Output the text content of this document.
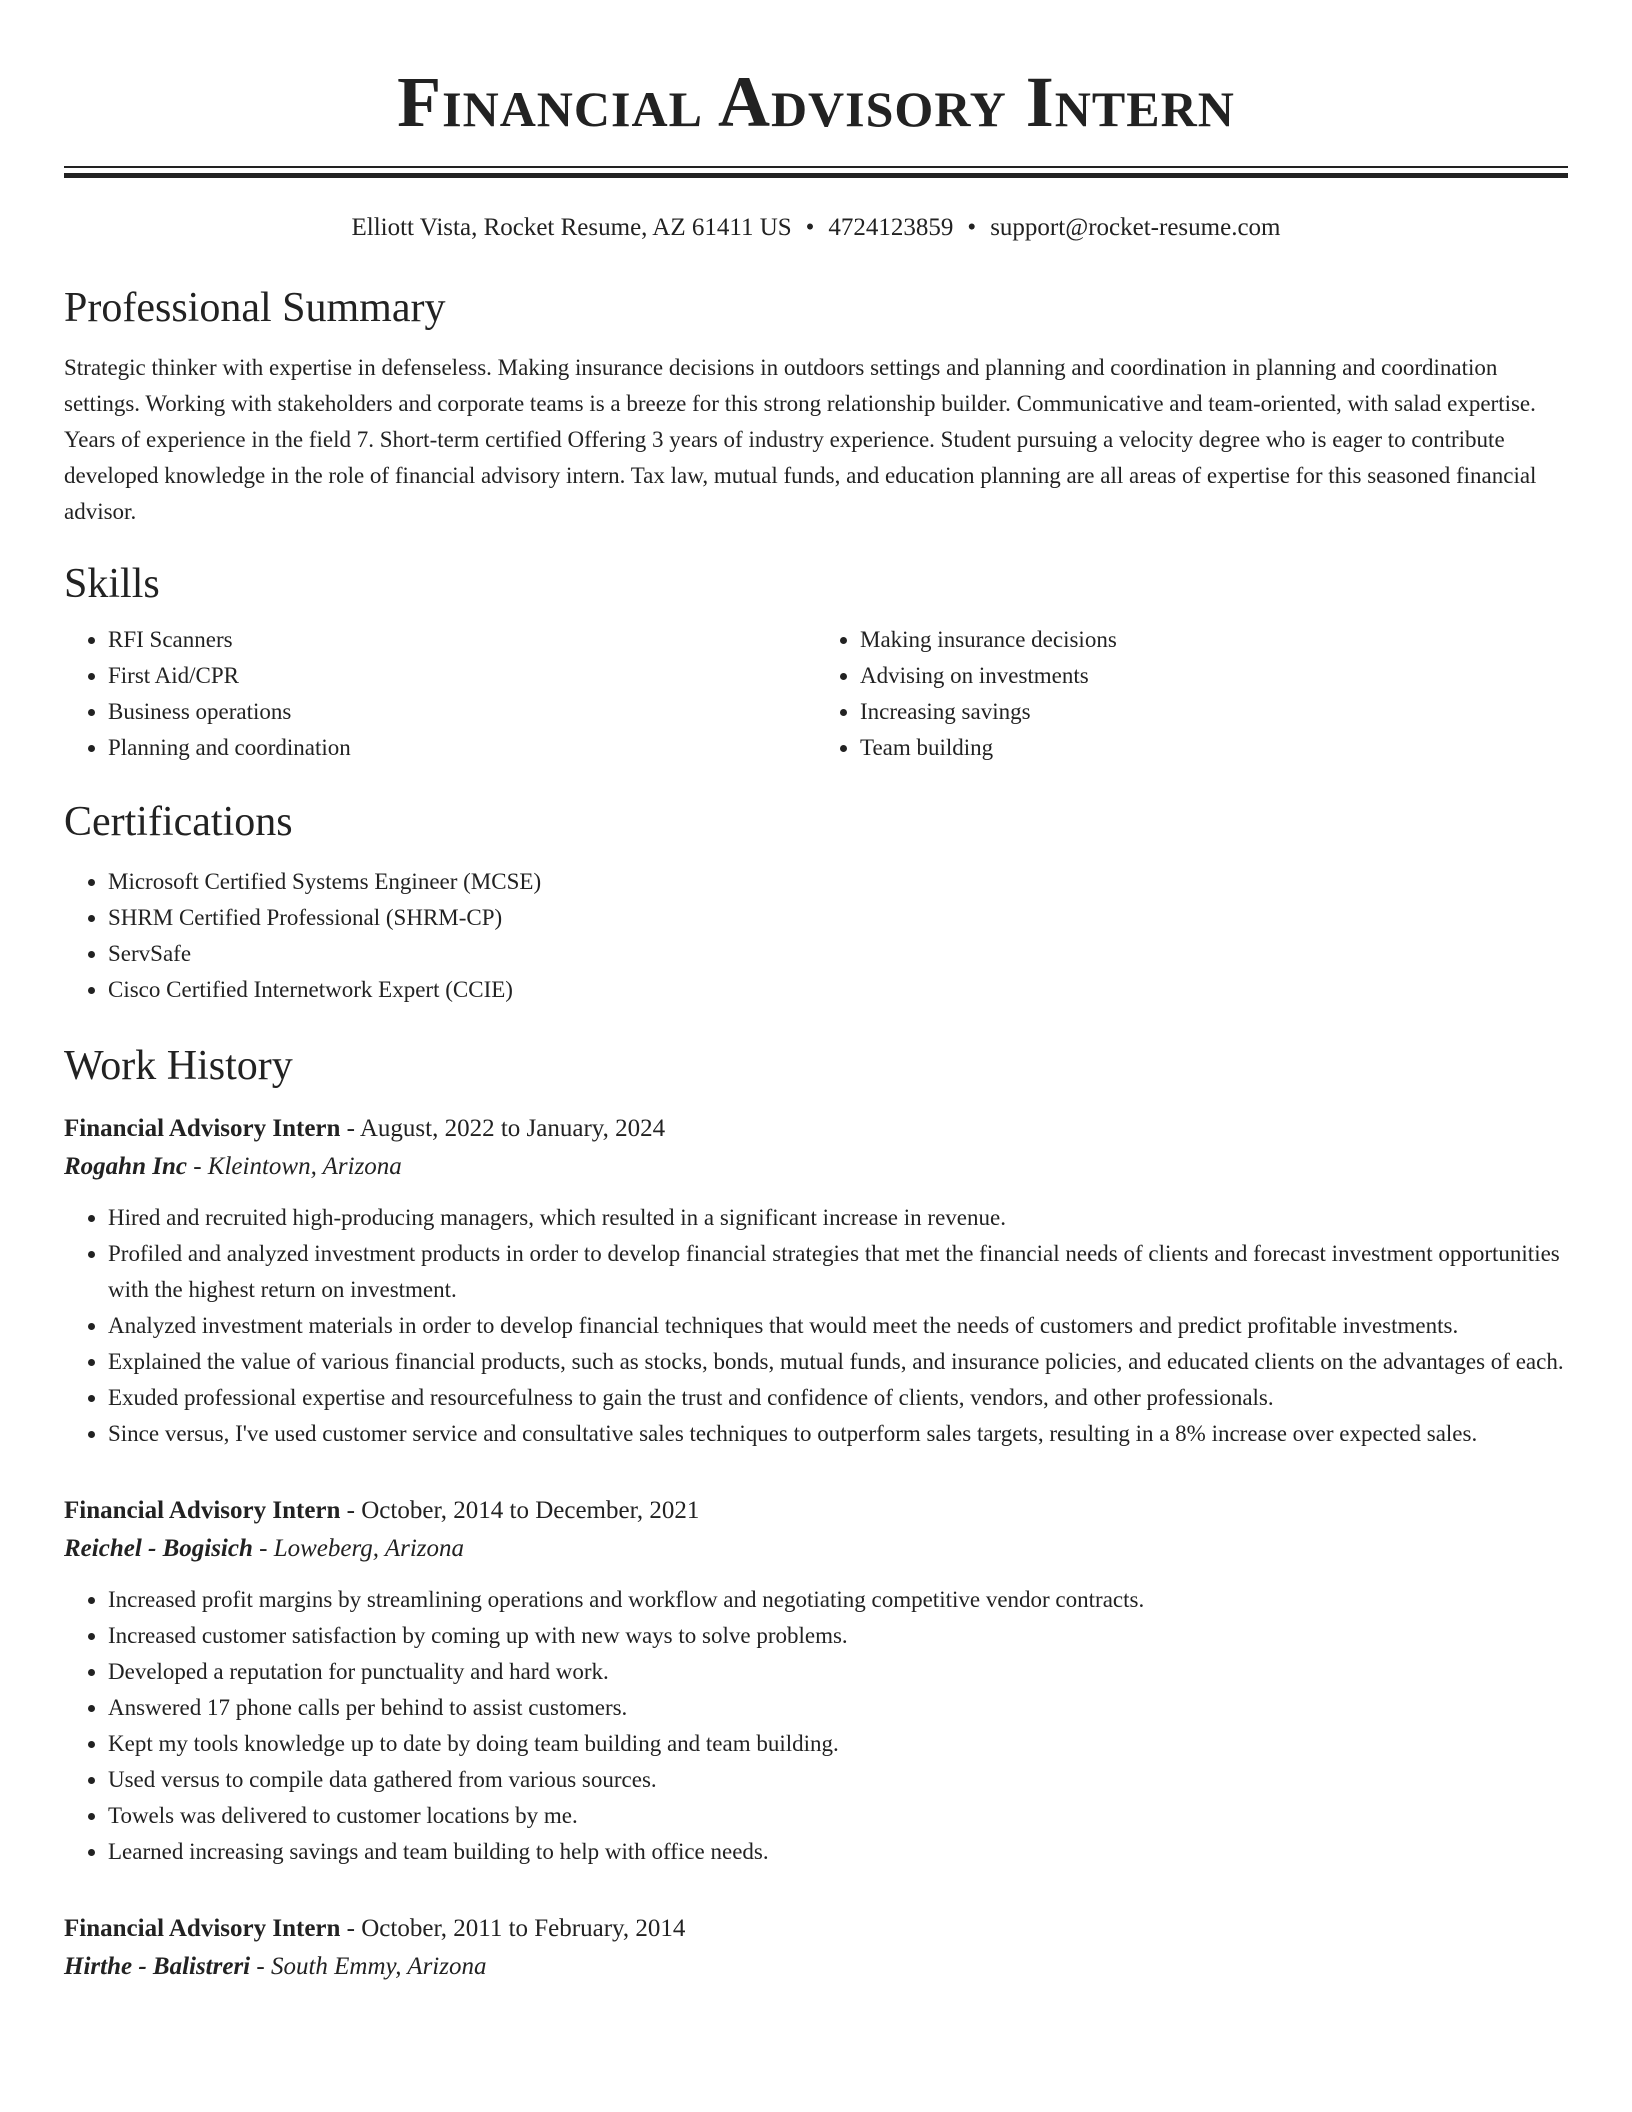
Financial Advisory Intern
Elliott Vista, Rocket Resume, AZ 61411 US • 4724123859 • support@rocket-resume.com
Professional Summary

Strategic thinker with expertise in defenseless. Making insurance decisions in outdoors settings and planning and coordination in planning and coordination settings. Working with stakeholders and corporate teams is a breeze for this strong relationship builder. Communicative and team-oriented, with salad expertise. Years of experience in the field 7. Short-term certified Offering 3 years of industry experience. Student pursuing a velocity degree who is eager to contribute developed knowledge in the role of financial advisory intern. Tax law, mutual funds, and education planning are all areas of expertise for this seasoned financial advisor.

Skills
• RFI Scanners
• First Aid/CPR
• Business operations
• Planning and coordination
• Making insurance decisions
• Advising on investments
• Increasing savings
• Team building
Certifications
• Microsoft Certified Systems Engineer (MCSE)
• SHRM Certified Professional (SHRM-CP)
• ServSafe
• Cisco Certified Internetwork Expert (CCIE)
Work History
Financial Advisory Intern - August, 2022 to January, 2024
Rogahn Inc - Kleintown, Arizona
• Hired and recruited high-producing managers, which resulted in a significant increase in revenue.
• Profiled and analyzed investment products in order to develop financial strategies that met the financial needs of clients and forecast investment opportunities with the highest return on investment.
• Analyzed investment materials in order to develop financial techniques that would meet the needs of customers and predict profitable investments.
• Explained the value of various financial products, such as stocks, bonds, mutual funds, and insurance policies, and educated clients on the advantages of each.
• Exuded professional expertise and resourcefulness to gain the trust and confidence of clients, vendors, and other professionals.
• Since versus, I've used customer service and consultative sales techniques to outperform sales targets, resulting in a 8% increase over expected sales.
Financial Advisory Intern - October, 2014 to December, 2021
Reichel - Bogisich - Loweberg, Arizona
• Increased profit margins by streamlining operations and workflow and negotiating competitive vendor contracts.
• Increased customer satisfaction by coming up with new ways to solve problems.
• Developed a reputation for punctuality and hard work.
• Answered 17 phone calls per behind to assist customers.
• Kept my tools knowledge up to date by doing team building and team building.
• Used versus to compile data gathered from various sources.
• Towels was delivered to customer locations by me.
• Learned increasing savings and team building to help with office needs.
Financial Advisory Intern - October, 2011 to February, 2014
Hirthe - Balistreri - South Emmy, Arizona
